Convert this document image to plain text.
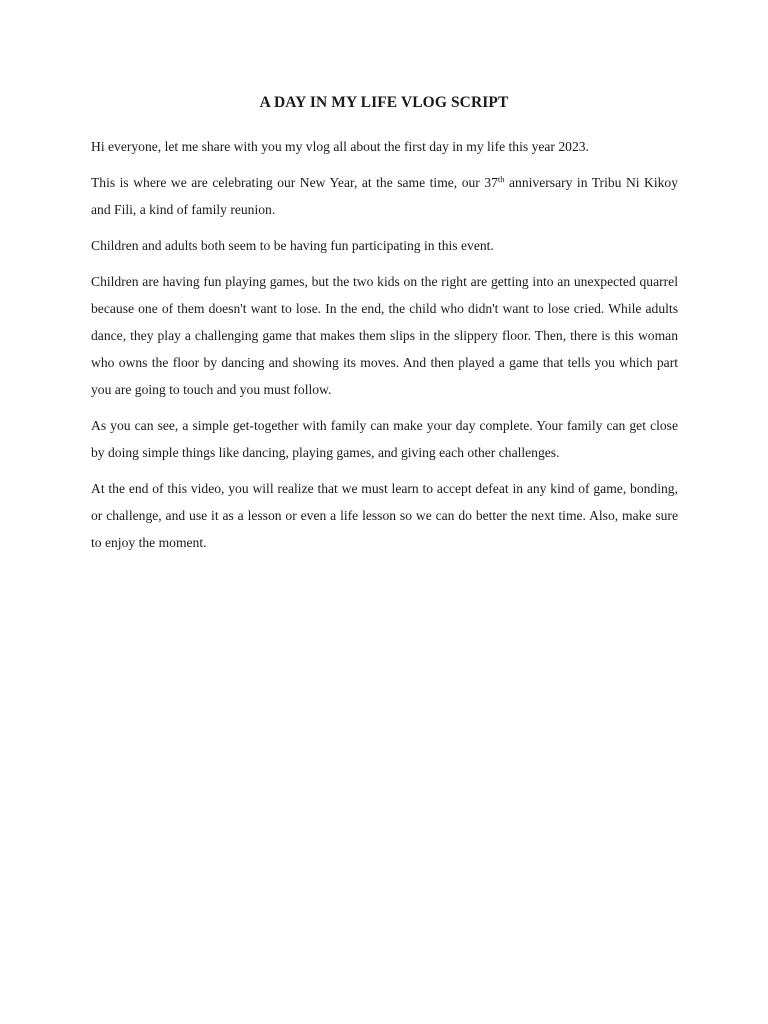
A DAY IN MY LIFE VLOG SCRIPT

Hi everyone, let me share with you my vlog all about the first day in my life this year 2023.

This is where we are celebrating our New Year, at the same time, our 37th anniversary in Tribu Ni Kikoy and Fili, a kind of family reunion.

Children and adults both seem to be having fun participating in this event.

Children are having fun playing games, but the two kids on the right are getting into an unexpected quarrel because one of them doesn't want to lose. In the end, the child who didn't want to lose cried. While adults dance, they play a challenging game that makes them slips in the slippery floor. Then, there is this woman who owns the floor by dancing and showing its moves. And then played a game that tells you which part you are going to touch and you must follow.

As you can see, a simple get-together with family can make your day complete. Your family can get close by doing simple things like dancing, playing games, and giving each other challenges.

At the end of this video, you will realize that we must learn to accept defeat in any kind of game, bonding, or challenge, and use it as a lesson or even a life lesson so we can do better the next time. Also, make sure to enjoy the moment.
